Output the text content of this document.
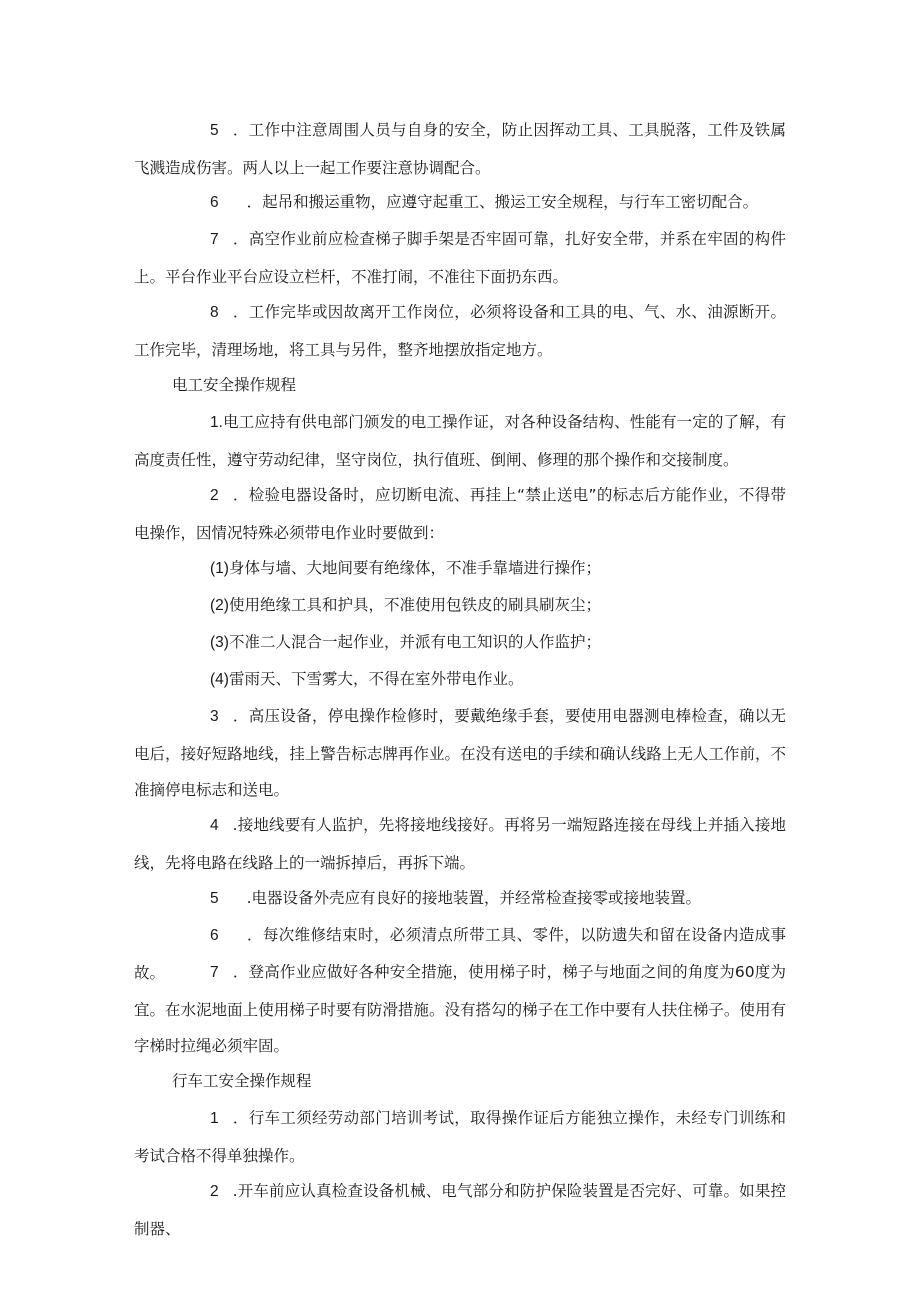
5 ．工作中注意周围人员与自身的安全，防止因挥动工具、工具脱落，工件及铁属飞溅造成伤害。两人以上一起工作要注意协调配合。

6 ．起吊和搬运重物，应遵守起重工、搬运工安全规程，与行车工密切配合。

7 ．高空作业前应检查梯子脚手架是否牢固可靠，扎好安全带，并系在牢固的构件上。平台作业平台应设立栏杆，不准打闹，不准往下面扔东西。

8 ．工作完毕或因故离开工作岗位，必须将设备和工具的电、气、水、油源断开。工作完毕，清理场地，将工具与另件，整齐地摆放指定地方。

电工安全操作规程

1.电工应持有供电部门颁发的电工操作证，对各种设备结构、性能有一定的了解，有高度责任性，遵守劳动纪律，坚守岗位，执行值班、倒闸、修理的那个操作和交接制度。

2 ．检验电器设备时，应切断电流、再挂上“禁止送电”的标志后方能作业，不得带电操作，因情况特殊必须带电作业时要做到：

(1)身体与墙、大地间要有绝缘体，不准手靠墙进行操作；

(2)使用绝缘工具和护具，不准使用包铁皮的刷具刷灰尘；

(3)不准二人混合一起作业，并派有电工知识的人作监护；

(4)雷雨天、下雪雾大，不得在室外带电作业。

3 ．高压设备，停电操作检修时，要戴绝缘手套，要使用电器测电棒检查，确以无电后，接好短路地线，挂上警告标志牌再作业。在没有送电的手续和确认线路上无人工作前，不准摘停电标志和送电。

4 .接地线要有人监护，先将接地线接好。再将另一端短路连接在母线上并插入接地线，先将电路在线路上的一端拆掉后，再拆下端。

5 .电器设备外壳应有良好的接地装置，并经常检查接零或接地装置。

6 ．每次维修结束时，必须清点所带工具、零件，以防遗失和留在设备内造成事故。	7 ．登高作业应做好各种安全措施，使用梯子时，梯子与地面之间的角度为60度为宜。在水泥地面上使用梯子时要有防滑措施。没有搭勾的梯子在工作中要有人扶住梯子。使用有字梯时拉绳必须牢固。

行车工安全操作规程

1 ．行车工须经劳动部门培训考试，取得操作证后方能独立操作，未经专门训练和考试合格不得单独操作。

2 .开车前应认真检查设备机械、电气部分和防护保险装置是否完好、可靠。如果控制器、
